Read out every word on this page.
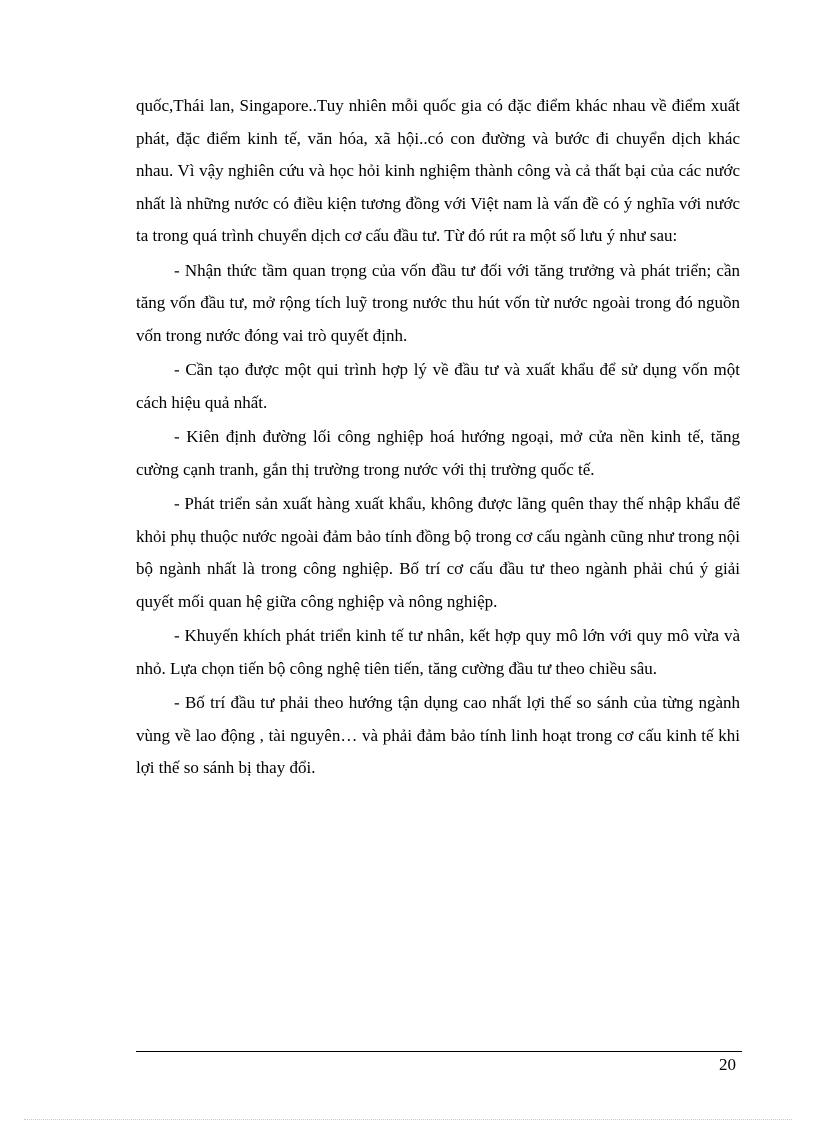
quốc,Thái lan, Singapore..Tuy nhiên mỗi quốc gia có đặc điểm khác nhau về điểm xuất phát, đặc điểm kinh tế, văn hóa, xã hội..có con đường và bước đi chuyển dịch khác nhau. Vì vậy nghiên cứu và học hỏi kinh nghiệm thành công và cả thất bại của các nước nhất là những nước có điều kiện tương đồng với Việt nam là vấn đề có ý nghĩa với nước ta trong quá trình chuyển dịch cơ cấu đầu tư. Từ đó rút ra một số lưu ý như sau:

- Nhận thức tầm quan trọng của vốn đầu tư đối với tăng trưởng và phát triển; cần tăng vốn đầu tư, mở rộng tích luỹ trong nước thu hút vốn từ nước ngoài trong đó nguồn vốn trong nước đóng vai trò quyết định.

- Cần tạo được một qui trình hợp lý về đầu tư và xuất khẩu để sử dụng vốn một cách hiệu quả nhất.

- Kiên định đường lối công nghiệp hoá hướng ngoại, mở cửa nền kinh tế, tăng cường cạnh tranh, gắn thị trường trong nước với thị trường quốc tế.

- Phát triển sản xuất hàng xuất khẩu, không được lãng quên thay thế nhập khẩu để khỏi phụ thuộc nước ngoài đảm bảo tính đồng bộ trong cơ cấu ngành cũng như trong nội bộ ngành nhất là trong công nghiệp. Bố trí cơ cấu đầu tư theo ngành phải chú ý giải quyết mối quan hệ giữa công nghiệp và nông nghiệp.

- Khuyến khích phát triển kinh tế tư nhân, kết hợp quy mô lớn với quy mô vừa và nhỏ. Lựa chọn tiến bộ công nghệ tiên tiến, tăng cường đầu tư theo chiều sâu.

- Bố trí đầu tư phải theo hướng tận dụng cao nhất lợi thế so sánh của từng ngành vùng về lao động , tài nguyên… và phải đảm bảo tính linh hoạt trong cơ cấu kinh tế khi lợi thế so sánh bị thay đổi.

20
